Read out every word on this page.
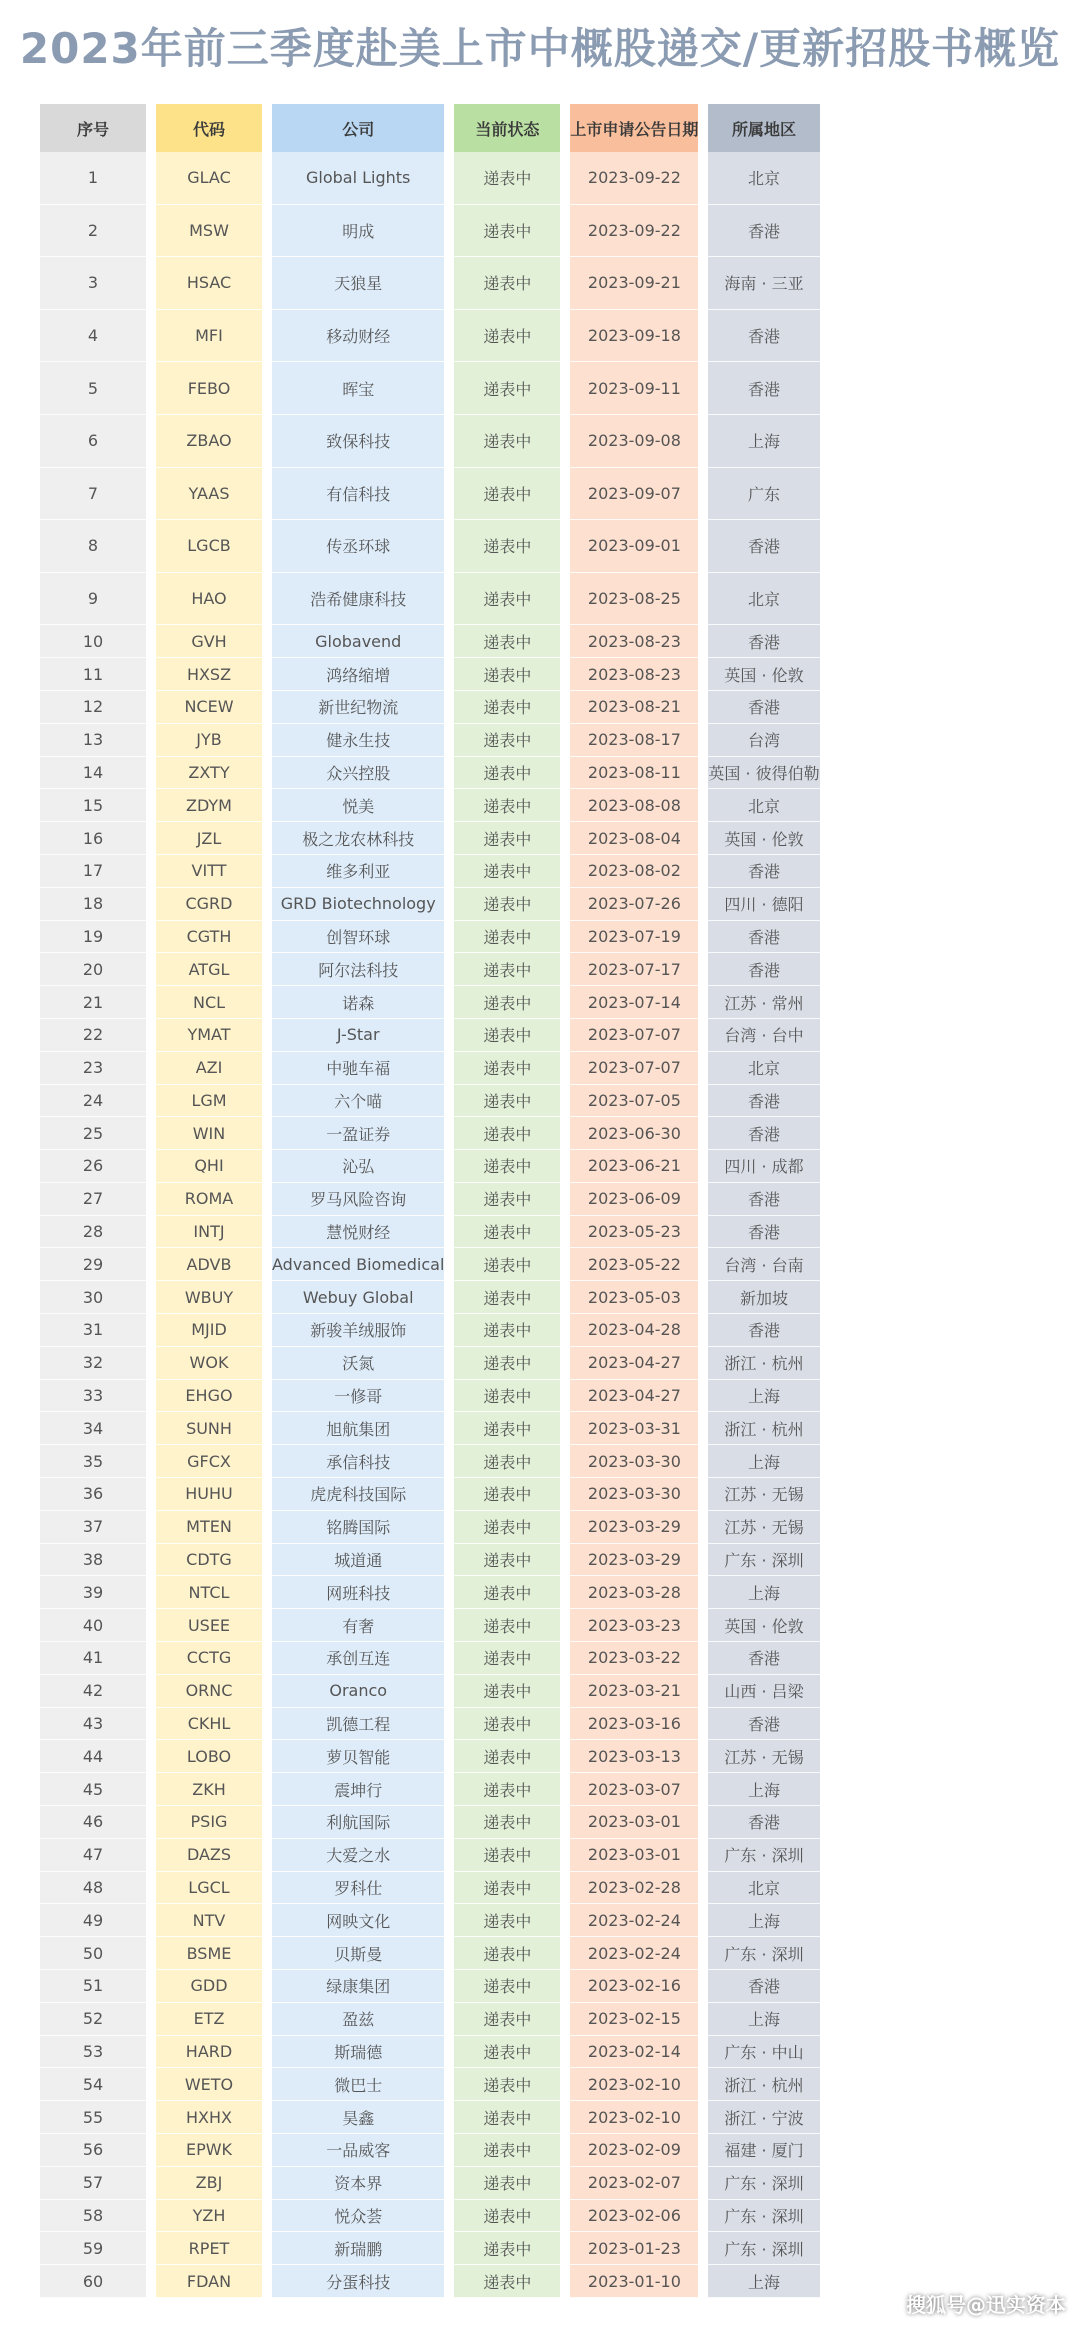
2023年前三季度赴美上市中概股递交/更新招股书概览
序号	代码	公司	当前状态	上市申请公告日期	所属地区
1	GLAC	Global Lights	递表中	2023-09-22	北京
2	MSW	明成	递表中	2023-09-22	香港
3	HSAC	天狼星	递表中	2023-09-21	海南 · 三亚
4	MFI	移动财经	递表中	2023-09-18	香港
5	FEBO	晖宝	递表中	2023-09-11	香港
6	ZBAO	致保科技	递表中	2023-09-08	上海
7	YAAS	有信科技	递表中	2023-09-07	广东
8	LGCB	传丞环球	递表中	2023-09-01	香港
9	HAO	浩希健康科技	递表中	2023-08-25	北京
10	GVH	Globavend	递表中	2023-08-23	香港
11	HXSZ	鸿络缩增	递表中	2023-08-23	英国 · 伦敦
12	NCEW	新世纪物流	递表中	2023-08-21	香港
13	JYB	健永生技	递表中	2023-08-17	台湾
14	ZXTY	众兴控股	递表中	2023-08-11	英国 · 彼得伯勒
15	ZDYM	悦美	递表中	2023-08-08	北京
16	JZL	极之龙农林科技	递表中	2023-08-04	英国 · 伦敦
17	VITT	维多利亚	递表中	2023-08-02	香港
18	CGRD	GRD Biotechnology	递表中	2023-07-26	四川 · 德阳
19	CGTH	创智环球	递表中	2023-07-19	香港
20	ATGL	阿尔法科技	递表中	2023-07-17	香港
21	NCL	诺森	递表中	2023-07-14	江苏 · 常州
22	YMAT	J-Star	递表中	2023-07-07	台湾 · 台中
23	AZI	中驰车福	递表中	2023-07-07	北京
24	LGM	六个喵	递表中	2023-07-05	香港
25	WIN	一盈证券	递表中	2023-06-30	香港
26	QHI	沁弘	递表中	2023-06-21	四川 · 成都
27	ROMA	罗马风险咨询	递表中	2023-06-09	香港
28	INTJ	慧悦财经	递表中	2023-05-23	香港
29	ADVB	Advanced Biomedical	递表中	2023-05-22	台湾 · 台南
30	WBUY	Webuy Global	递表中	2023-05-03	新加坡
31	MJID	新骏羊绒服饰	递表中	2023-04-28	香港
32	WOK	沃氮	递表中	2023-04-27	浙江 · 杭州
33	EHGO	一修哥	递表中	2023-04-27	上海
34	SUNH	旭航集团	递表中	2023-03-31	浙江 · 杭州
35	GFCX	承信科技	递表中	2023-03-30	上海
36	HUHU	虎虎科技国际	递表中	2023-03-30	江苏 · 无锡
37	MTEN	铭腾国际	递表中	2023-03-29	江苏 · 无锡
38	CDTG	城道通	递表中	2023-03-29	广东 · 深圳
39	NTCL	网班科技	递表中	2023-03-28	上海
40	USEE	有奢	递表中	2023-03-23	英国 · 伦敦
41	CCTG	承创互连	递表中	2023-03-22	香港
42	ORNC	Oranco	递表中	2023-03-21	山西 · 吕梁
43	CKHL	凯德工程	递表中	2023-03-16	香港
44	LOBO	萝贝智能	递表中	2023-03-13	江苏 · 无锡
45	ZKH	震坤行	递表中	2023-03-07	上海
46	PSIG	利航国际	递表中	2023-03-01	香港
47	DAZS	大爱之水	递表中	2023-03-01	广东 · 深圳
48	LGCL	罗科仕	递表中	2023-02-28	北京
49	NTV	网映文化	递表中	2023-02-24	上海
50	BSME	贝斯曼	递表中	2023-02-24	广东 · 深圳
51	GDD	绿康集团	递表中	2023-02-16	香港
52	ETZ	盈兹	递表中	2023-02-15	上海
53	HARD	斯瑞德	递表中	2023-02-14	广东 · 中山
54	WETO	微巴士	递表中	2023-02-10	浙江 · 杭州
55	HXHX	昊鑫	递表中	2023-02-10	浙江 · 宁波
56	EPWK	一品威客	递表中	2023-02-09	福建 · 厦门
57	ZBJ	资本界	递表中	2023-02-07	广东 · 深圳
58	YZH	悦众荟	递表中	2023-02-06	广东 · 深圳
59	RPET	新瑞鹏	递表中	2023-01-23	广东 · 深圳
60	FDAN	分蛋科技	递表中	2023-01-10	上海
搜狐号@迅实资本
